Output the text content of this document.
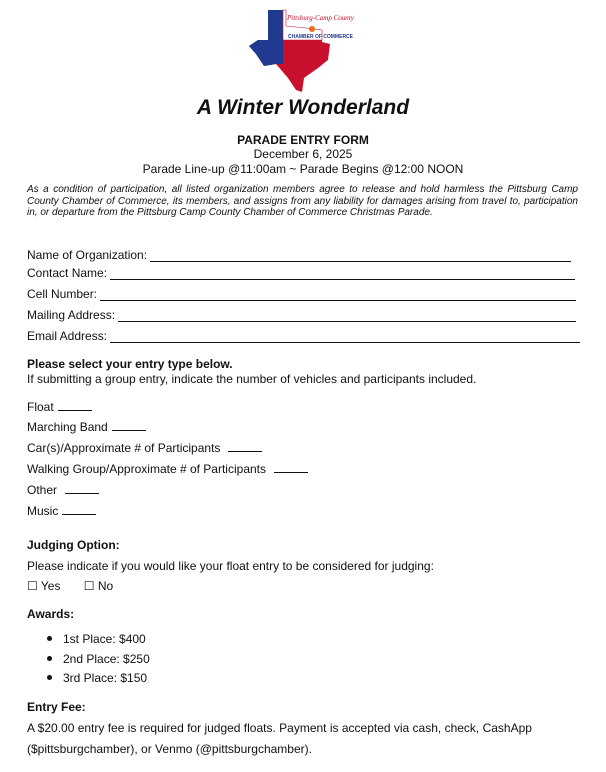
Pittsburg-Camp County
CHAMBER OF COMMERCE
A Winter Wonderland
PARADE ENTRY FORM
December 6, 2025
Parade Line-up @11:00am ~ Parade Begins @12:00 NOON
As a condition of participation, all listed organization members agree to release and hold harmless the Pittsburg Camp County Chamber of Commerce, its members, and assigns from any liability for damages arising from travel to, participation in, or departure from the Pittsburg Camp County Chamber of Commerce Christmas Parade.
Name of Organization:
Contact Name:
Cell Number:
Mailing Address:
Email Address:
Please select your entry type below.
If submitting a group entry, indicate the number of vehicles and participants included.
Float
Marching Band
Car(s)/Approximate # of Participants
Walking Group/Approximate # of Participants
Other
Music
Judging Option:
Please indicate if you would like your float entry to be considered for judging:
☐ Yes ☐ No
Awards:
1st Place: $400
2nd Place: $250
3rd Place: $150
Entry Fee:
A $20.00 entry fee is required for judged floats. Payment is accepted via cash, check, CashApp
($pittsburgchamber), or Venmo (@pittsburgchamber).
